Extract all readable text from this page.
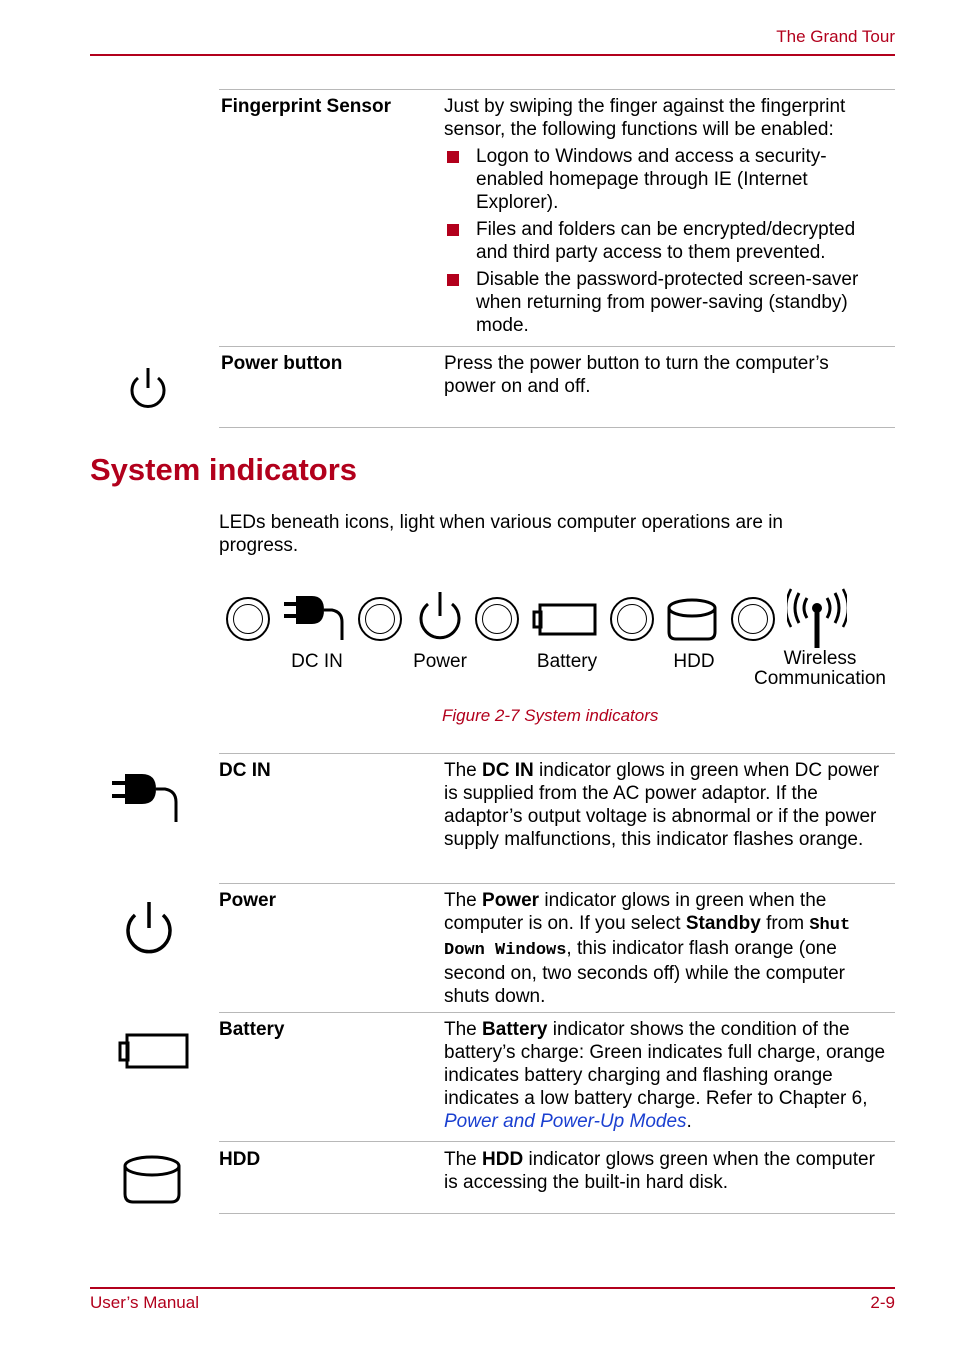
The Grand Tour
Fingerprint Sensor	Just by swiping the finger against the fingerprint sensor, the following functions will be enabled:

Logon to Windows and access a security-enabled homepage through IE (Internet Explorer).
Files and folders can be encrypted/decrypted and third party access to them prevented.
Disable the password-protected screen-saver when returning from power-saving (standby) mode.
Power button	Press the power button to turn the computer’s power on and off.
System indicators
LEDs beneath icons, light when various computer operations are in progress.
DC IN	Power	Battery	HDD	Wireless
Communication
Figure 2-7 System indicators
DC IN	The DC IN indicator glows in green when DC power is supplied from the AC power adaptor. If the adaptor’s output voltage is abnormal or if the power supply malfunctions, this indicator flashes orange.
Power	The Power indicator glows in green when the computer is on. If you select Standby from Shut Down Windows, this indicator flash orange (one second on, two seconds off) while the computer shuts down.
Battery	The Battery indicator shows the condition of the battery’s charge: Green indicates full charge, orange indicates battery charging and flashing orange indicates a low battery charge. Refer to Chapter 6, Power and Power-Up Modes.
HDD	The HDD indicator glows green when the computer is accessing the built-in hard disk.
User’s Manual	2-9
